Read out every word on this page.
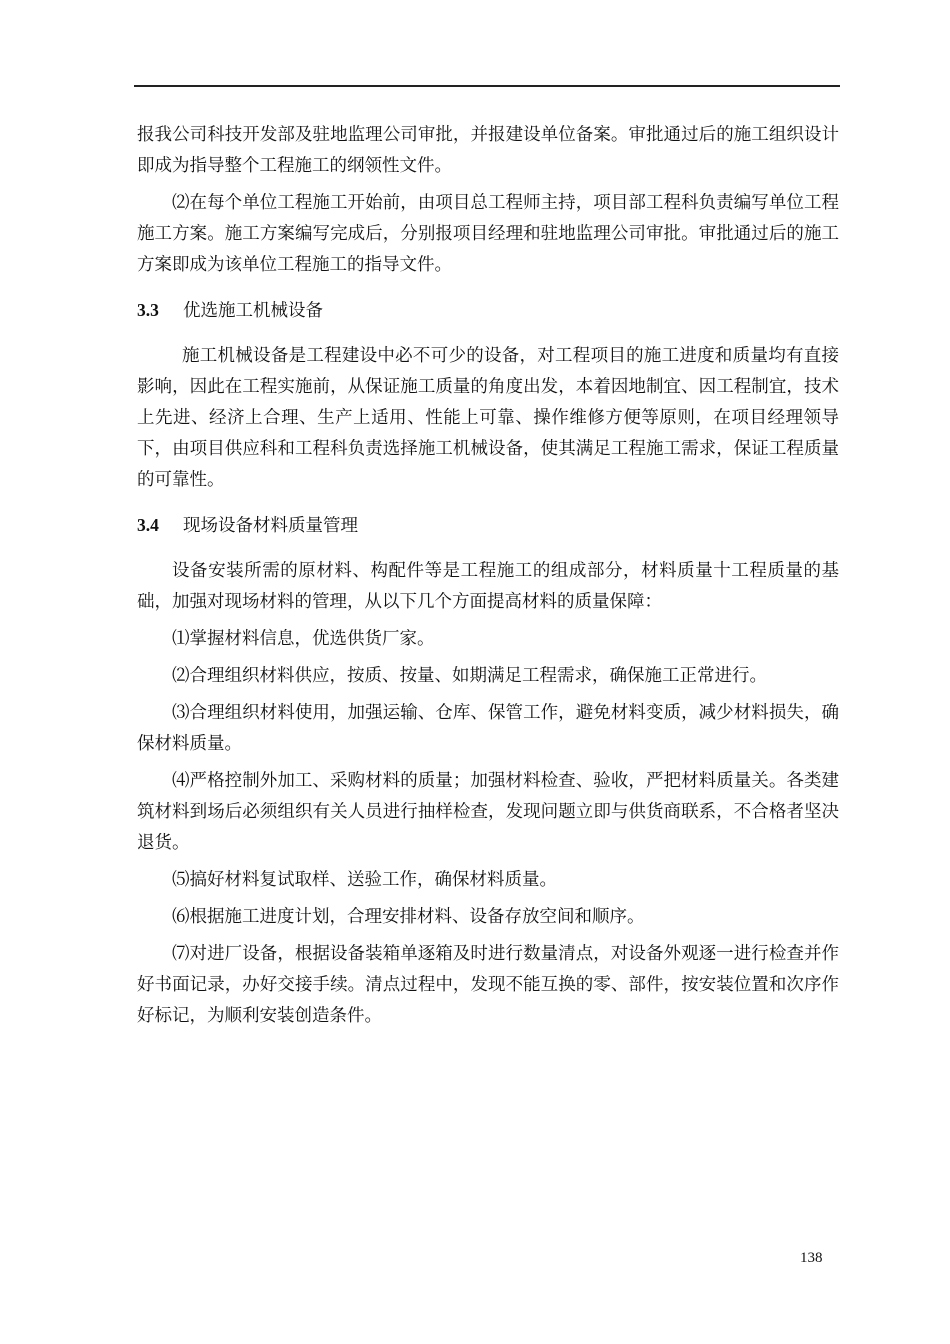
报我公司科技开发部及驻地监理公司审批，并报建设单位备案。审批通过后的施工组织设计即成为指导整个工程施工的纲领性文件。

⑵在每个单位工程施工开始前，由项目总工程师主持，项目部工程科负责编写单位工程施工方案。施工方案编写完成后，分别报项目经理和驻地监理公司审批。审批通过后的施工方案即成为该单位工程施工的指导文件。

3.3 优选施工机械设备

施工机械设备是工程建设中必不可少的设备，对工程项目的施工进度和质量均有直接影响，因此在工程实施前，从保证施工质量的角度出发，本着因地制宜、因工程制宜，技术上先进、经济上合理、生产上适用、性能上可靠、操作维修方便等原则，在项目经理领导下，由项目供应科和工程科负责选择施工机械设备，使其满足工程施工需求，保证工程质量的可靠性。

3.4 现场设备材料质量管理

设备安装所需的原材料、构配件等是工程施工的组成部分，材料质量十工程质量的基础，加强对现场材料的管理，从以下几个方面提高材料的质量保障：

⑴掌握材料信息，优选供货厂家。

⑵合理组织材料供应，按质、按量、如期满足工程需求，确保施工正常进行。

⑶合理组织材料使用，加强运输、仓库、保管工作，避免材料变质，减少材料损失，确保材料质量。

⑷严格控制外加工、采购材料的质量；加强材料检查、验收，严把材料质量关。各类建筑材料到场后必须组织有关人员进行抽样检查，发现问题立即与供货商联系，不合格者坚决退货。

⑸搞好材料复试取样、送验工作，确保材料质量。

⑹根据施工进度计划，合理安排材料、设备存放空间和顺序。

⑺对进厂设备，根据设备装箱单逐箱及时进行数量清点，对设备外观逐一进行检查并作好书面记录，办好交接手续。清点过程中，发现不能互换的零、部件，按安装位置和次序作好标记，为顺利安装创造条件。

138
